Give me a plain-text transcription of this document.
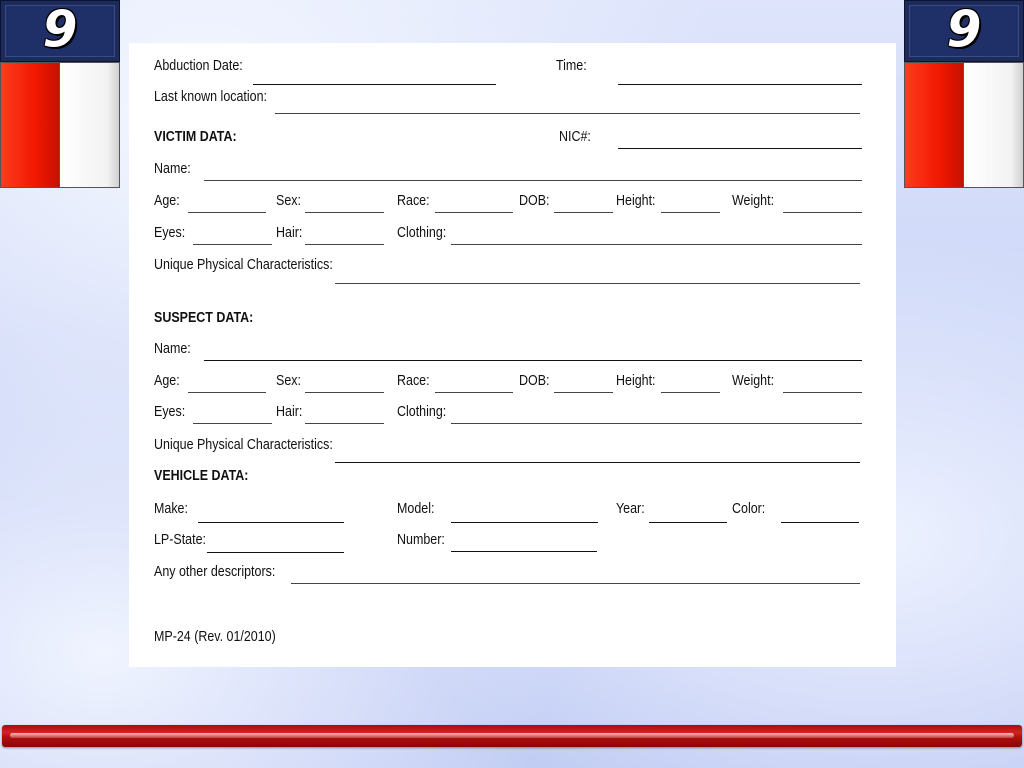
9	9
Abduction Date:	Time:
Last known location:
VICTIM DATA:	NIC#:
Name:
Age:	Sex:	Race:	DOB:	Height:	Weight:
Eyes:	Hair:	Clothing:
Unique Physical Characteristics:
SUSPECT DATA:
Name:
Age:	Sex:	Race:	DOB:	Height:	Weight:
Eyes:	Hair:	Clothing:
Unique Physical Characteristics:
VEHICLE DATA:
Make:	Model:	Year:	Color:
LP-State:	Number:
Any other descriptors:
MP-24 (Rev. 01/2010)
